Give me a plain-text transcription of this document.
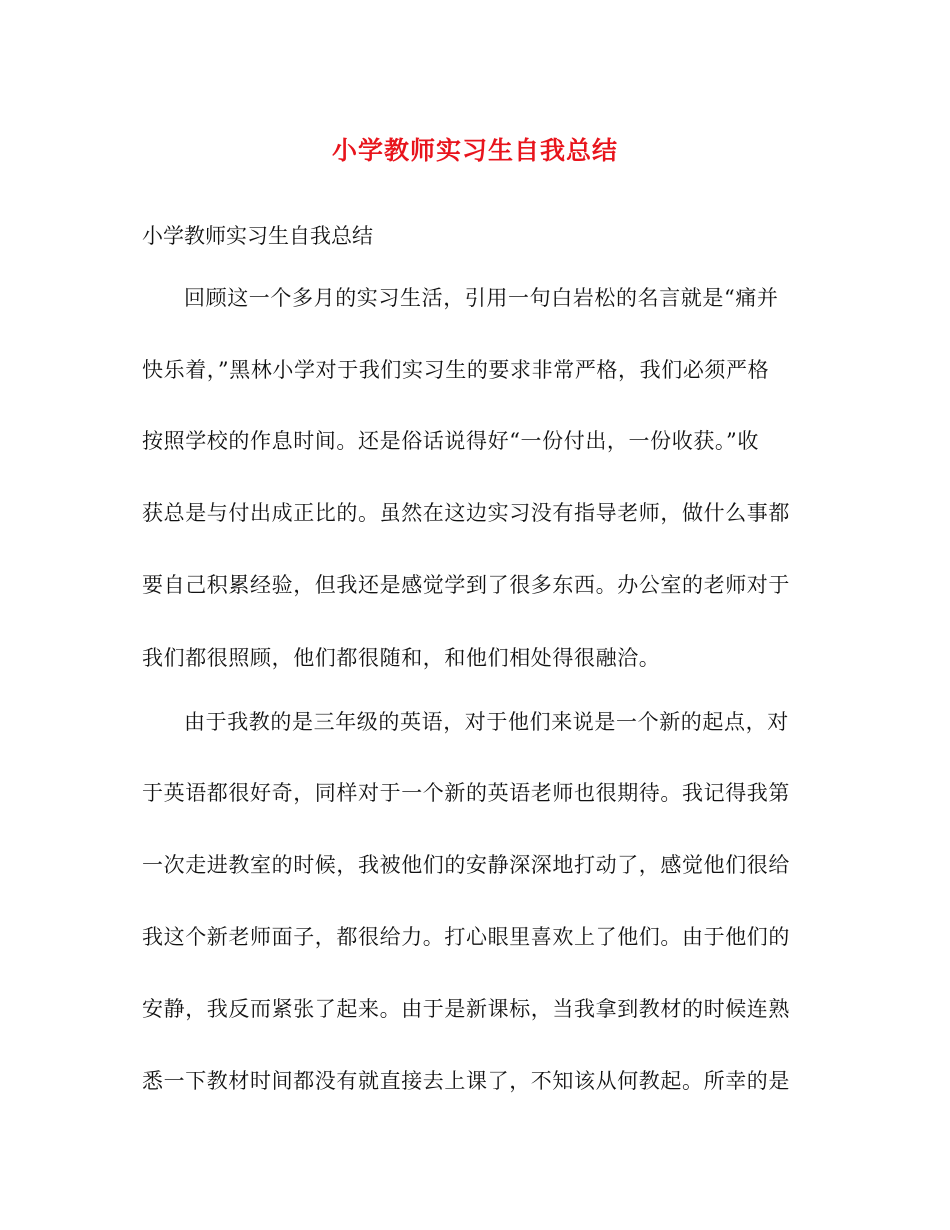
小学教师实习生自我总结
小学教师实习生自我总结
回顾这一个多月的实习生活，引用一句白岩松的名言就是“痛并
快乐着，”黑林小学对于我们实习生的要求非常严格，我们必须严格
按照学校的作息时间。还是俗话说得好“一份付出，一份收获。”收
获总是与付出成正比的。虽然在这边实习没有指导老师，做什么事都
要自己积累经验，但我还是感觉学到了很多东西。办公室的老师对于
我们都很照顾，他们都很随和，和他们相处得很融洽。
由于我教的是三年级的英语，对于他们来说是一个新的起点，对
于英语都很好奇，同样对于一个新的英语老师也很期待。我记得我第
一次走进教室的时候，我被他们的安静深深地打动了，感觉他们很给
我这个新老师面子，都很给力。打心眼里喜欢上了他们。由于他们的
安静，我反而紧张了起来。由于是新课标，当我拿到教材的时候连熟
悉一下教材时间都没有就直接去上课了，不知该从何教起。所幸的是
